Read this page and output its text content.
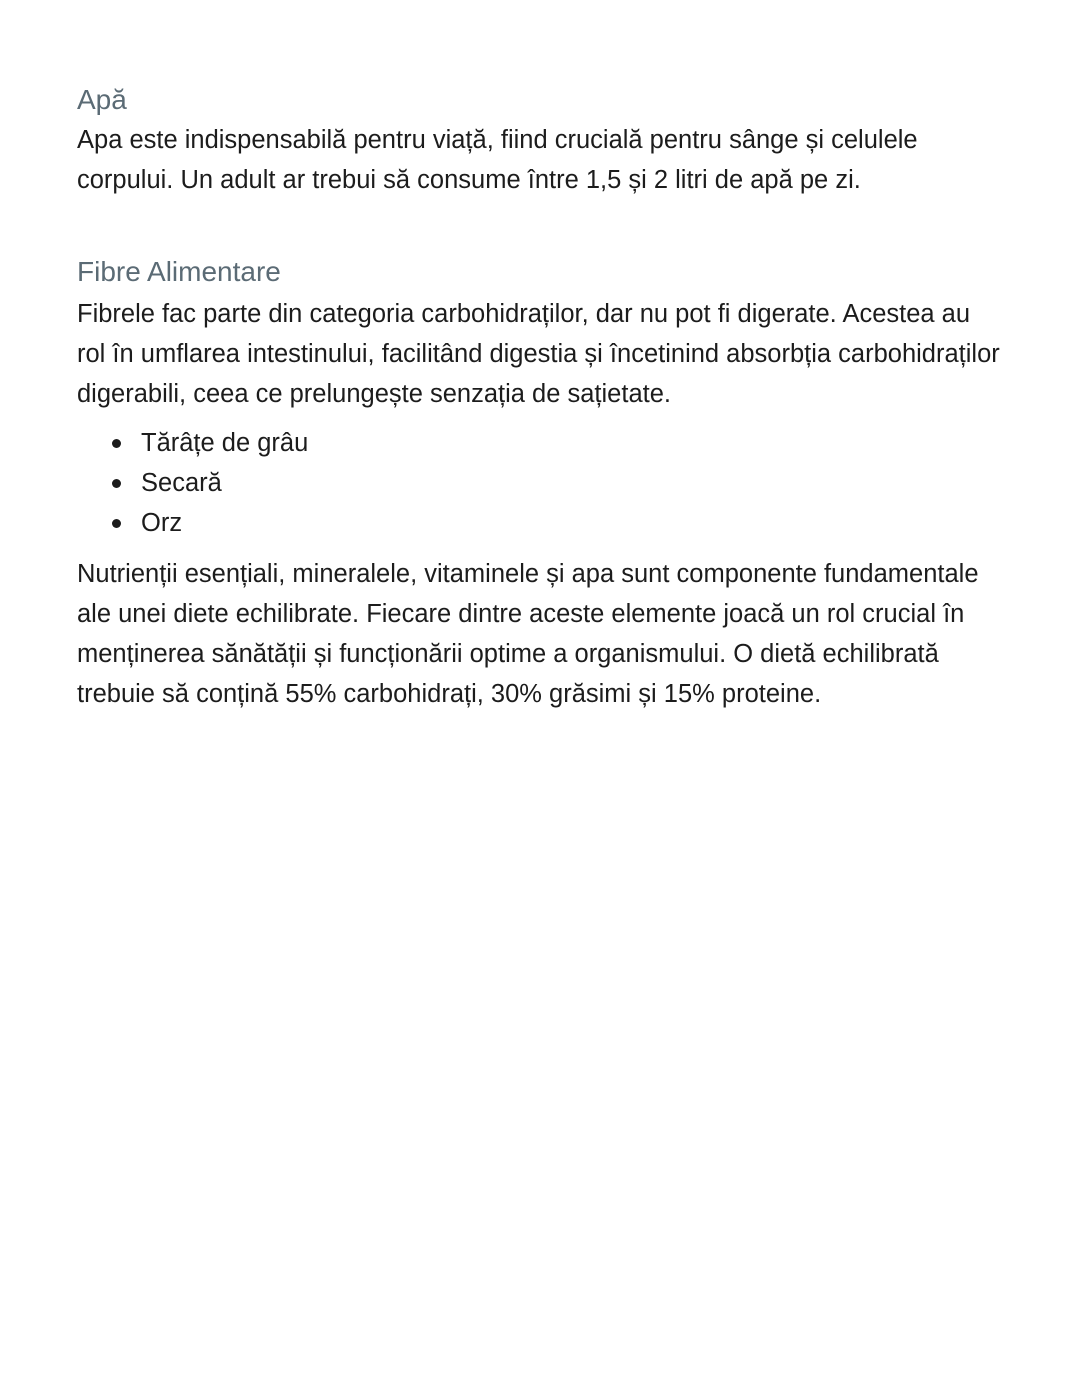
Apă

Apa este indispensabilă pentru viață, fiind crucială pentru sânge și celulele corpului. Un adult ar trebui să consume între 1,5 și 2 litri de apă pe zi.

Fibre Alimentare

Fibrele fac parte din categoria carbohidraților, dar nu pot fi digerate. Acestea au rol în umflarea intestinului, facilitând digestia și încetinind absorbția carbohidraților digerabili, ceea ce prelungește senzația de sațietate.

Tărâțe de grâu
Secară
Orz

Nutrienții esențiali, mineralele, vitaminele și apa sunt componente fundamentale ale unei diete echilibrate. Fiecare dintre aceste elemente joacă un rol crucial în menținerea sănătății și funcționării optime a organismului. O dietă echilibrată trebuie să conțină 55% carbohidrați, 30% grăsimi și 15% proteine.
